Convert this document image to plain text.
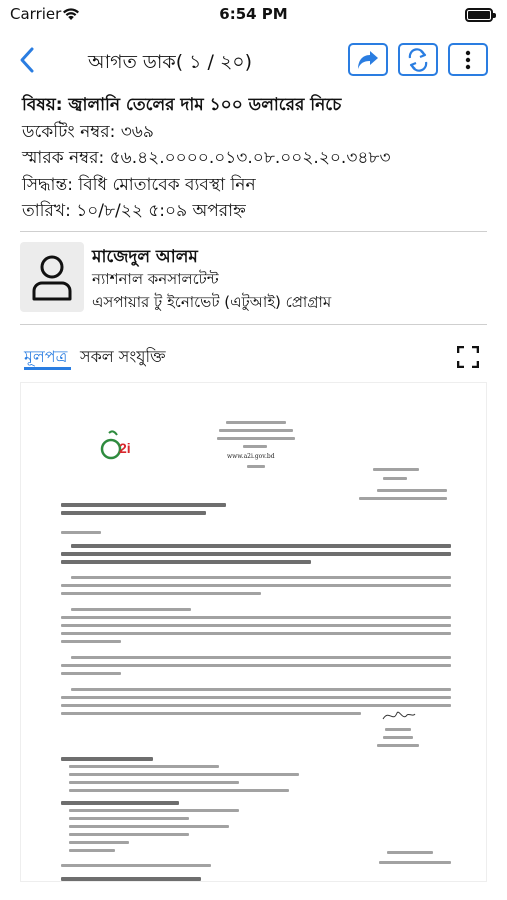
Carrier	6:54 PM
আগত ডাক( ১ / ২০)
বিষয়: জ্বালানি তেলের দাম ১০০ ডলারের নিচে
ডকেটিং নম্বর: ৩৬৯
স্মারক নম্বর: ৫৬.৪২.০০০০.০১৩.০৮.০০২.২০.৩৪৮৩
সিদ্ধান্ত: বিধি মোতাবেক ব্যবস্থা নিন
তারিখ: ১০/৮/২২ ৫:০৯ অপরাহ্ন
মাজেদুল আলম
ন্যাশনাল কনসালটেন্ট
এসপায়ার টু ইনোভেট (এটুআই) প্রোগ্রাম
মূলপত্র সকল সংযুক্তি
2i
www.a2i.gov.bd
